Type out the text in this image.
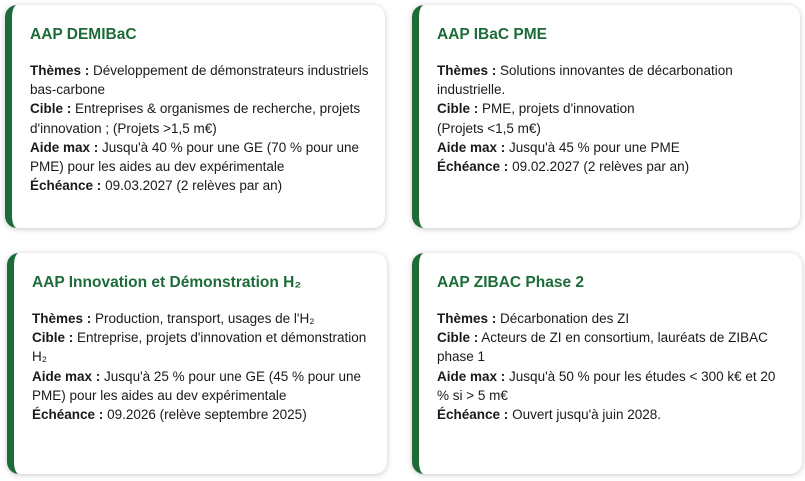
AAP DEMIBaC

Thèmes : Développement de démonstrateurs industriels bas-carbone
Cible : Entreprises & organismes de recherche, projets d'innovation ; (Projets >1,5 m€)
Aide max : Jusqu'à 40 % pour une GE (70 % pour une PME) pour les aides au dev expérimentale
Échéance : 09.03.2027 (2 relèves par an)

AAP IBaC PME

Thèmes : Solutions innovantes de décarbonation industrielle.
Cible : PME, projets d'innovation
(Projets <1,5 m€)
Aide max : Jusqu'à 45 % pour une PME
Échéance : 09.02.2027 (2 relèves par an)

AAP Innovation et Démonstration H₂

Thèmes : Production, transport, usages de l'H₂
Cible : Entreprise, projets d'innovation et démonstration H₂
Aide max : Jusqu'à 25 % pour une GE (45 % pour une PME) pour les aides au dev expérimentale
Échéance : 09.2026 (relève septembre 2025)

AAP ZIBAC Phase 2

Thèmes : Décarbonation des ZI
Cible : Acteurs de ZI en consortium, lauréats de ZIBAC phase 1
Aide max : Jusqu'à 50 % pour les études < 300 k€ et 20 % si > 5 m€
Échéance : Ouvert jusqu'à juin 2028.
